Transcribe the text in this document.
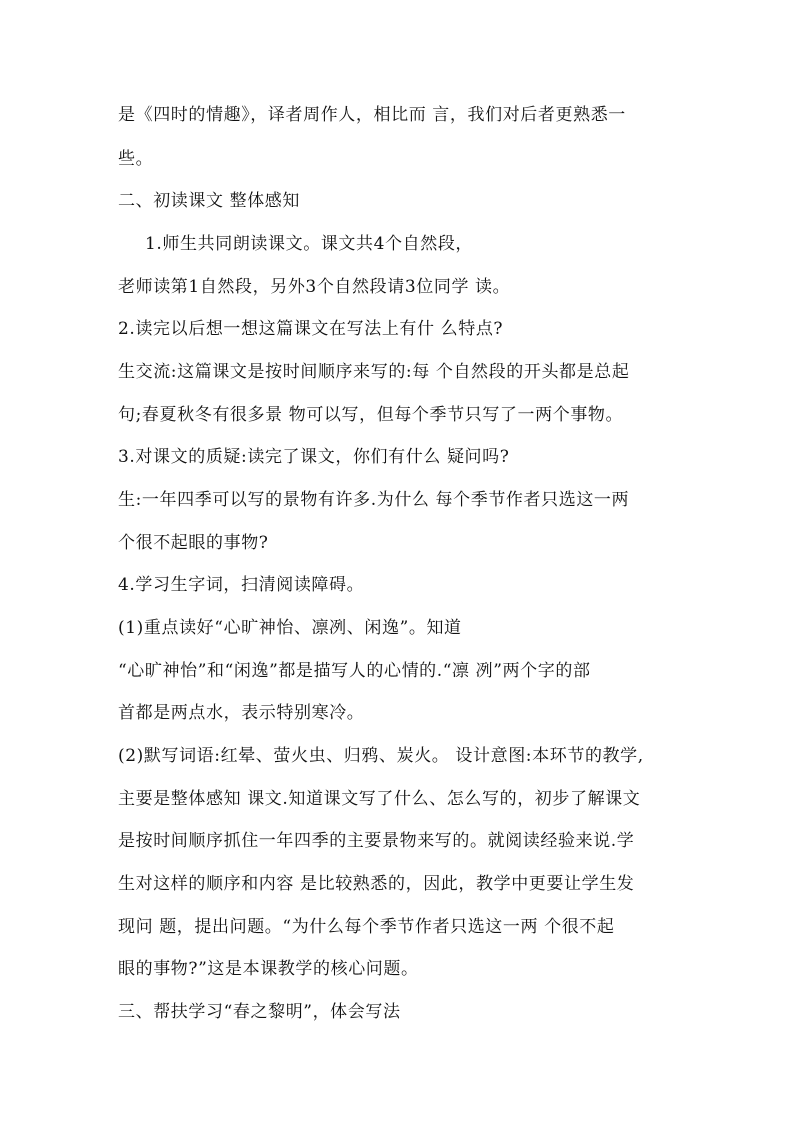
是《四时的情趣》，译者周作人，相比而 言，我们对后者更熟悉一
些。
二、初读课文 整体感知
1.师生共同朗读课文。课文共4个自然段，
老师读第1自然段，另外3个自然段请3位同学 读。
2.读完以后想一想这篇课文在写法上有什 么特点?
生交流:这篇课文是按时间顺序来写的:每 个自然段的开头都是总起
句;春夏秋冬有很多景 物可以写，但每个季节只写了一两个事物。
3.对课文的质疑:读完了课文，你们有什么 疑问吗?
生:一年四季可以写的景物有许多.为什么 每个季节作者只选这一两
个很不起眼的事物?
4.学习生字词，扫清阅读障碍。
(1)重点读好“心旷神怡、凛冽、闲逸”。知道
“心旷神怡”和“闲逸”都是描写人的心情的.“凛 冽”两个字的部
首都是两点水，表示特别寒冷。
(2)默写词语:红晕、萤火虫、归鸦、炭火。 设计意图:本环节的教学,
主要是整体感知 课文.知道课文写了什么、怎么写的，初步了解课文
是按时间顺序抓住一年四季的主要景物来写的。就阅读经验来说.学
生对这样的顺序和内容 是比较熟悉的，因此，教学中更要让学生发
现问 题，提出问题。“为什么每个季节作者只选这一两 个很不起
眼的事物?”这是本课教学的核心问题。
三、帮扶学习“春之黎明”，体会写法
